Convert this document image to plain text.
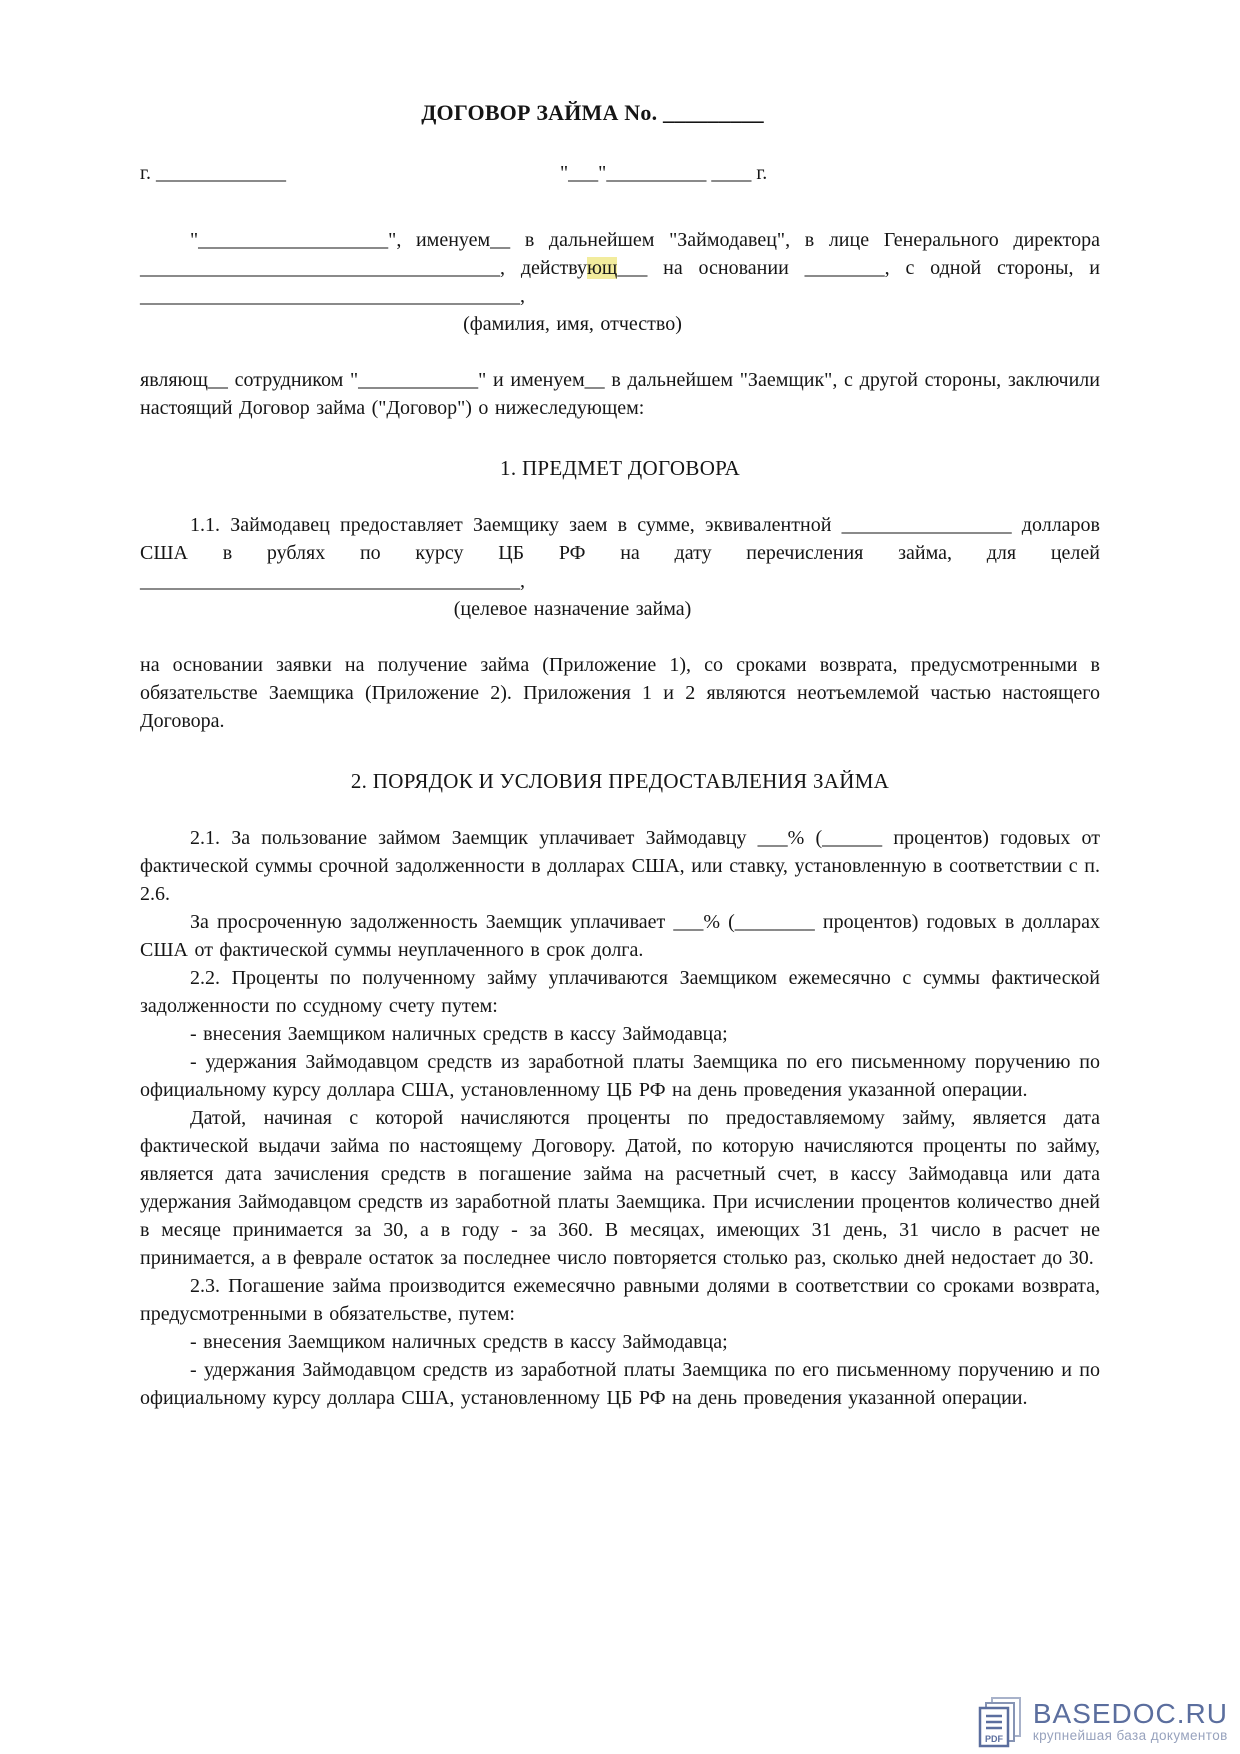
ДОГОВОР ЗАЙМА No. _________
г. _____________	"___"__________ ____ г.

"___________________", именуем__ в дальнейшем "Займодавец", в лице Генерального директора ____________________________________, действующ___ на основании ________, с одной стороны, и ______________________________________,

(фамилия, имя, отчество)

являющ__ сотрудником "____________" и именуем__ в дальнейшем "Заемщик", с другой стороны, заключили настоящий Договор займа ("Договор") о нижеследующем:

1. ПРЕДМЕТ ДОГОВОРА

1.1. Займодавец предоставляет Заемщику заем в сумме, эквивалентной _________________ долларов США в рублях по курсу ЦБ РФ на дату перечисления займа, для целей ______________________________________,

(целевое назначение займа)

на основании заявки на получение займа (Приложение 1), со сроками возврата, предусмотренными в обязательстве Заемщика (Приложение 2). Приложения 1 и 2 являются неотъемлемой частью настоящего Договора.

2. ПОРЯДОК И УСЛОВИЯ ПРЕДОСТАВЛЕНИЯ ЗАЙМА

2.1. За пользование займом Заемщик уплачивает Займодавцу ___% (______ процентов) годовых от фактической суммы срочной задолженности в долларах США, или ставку, установленную в соответствии с п. 2.6.

За просроченную задолженность Заемщик уплачивает ___% (________ процентов) годовых в долларах США от фактической суммы неуплаченного в срок долга.

2.2. Проценты по полученному займу уплачиваются Заемщиком ежемесячно с суммы фактической задолженности по ссудному счету путем:

- внесения Заемщиком наличных средств в кассу Займодавца;

- удержания Займодавцом средств из заработной платы Заемщика по его письменному поручению по официальному курсу доллара США, установленному ЦБ РФ на день проведения указанной операции.

Датой, начиная с которой начисляются проценты по предоставляемому займу, является дата фактической выдачи займа по настоящему Договору. Датой, по которую начисляются проценты по займу, является дата зачисления средств в погашение займа на расчетный счет, в кассу Займодавца или дата удержания Займодавцом средств из заработной платы Заемщика. При исчислении процентов количество дней в месяце принимается за 30, а в году - за 360. В месяцах, имеющих 31 день, 31 число в расчет не принимается, а в феврале остаток за последнее число повторяется столько раз, сколько дней недостает до 30.

2.3. Погашение займа производится ежемесячно равными долями в соответствии со сроками возврата, предусмотренными в обязательстве, путем:

- внесения Заемщиком наличных средств в кассу Займодавца;

- удержания Займодавцом средств из заработной платы Заемщика по его письменному поручению и по официальному курсу доллара США, установленному ЦБ РФ на день проведения указанной операции.

PDF
BASEDOC.RU
крупнейшая база документов
